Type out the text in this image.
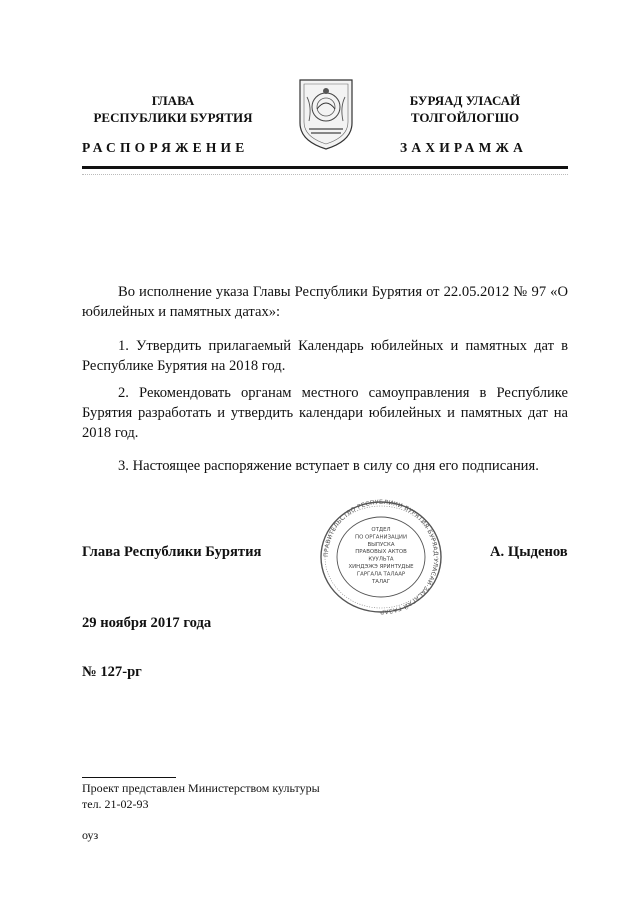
ГЛАВА
РЕСПУБЛИКИ БУРЯТИЯ
РАСПОРЯЖЕНИЕ
БУРЯАД УЛАСАЙ
ТОЛГОЙЛОГШО
ЗАХИРАМЖА
Во исполнение указа Главы Республики Бурятия от 22.05.2012 № 97 «О юбилейных и памятных датах»:
1. Утвердить прилагаемый Календарь юбилейных и памятных дат в Республике Бурятия на 2018 год.
2. Рекомендовать органам местного самоуправления в Республике Бурятия разработать и утвердить календари юбилейных и памятных дат на 2018 год.
3. Настоящее распоряжение вступает в силу со дня его подписания.
Глава Республики Бурятия	А. Цыденов
ПРАВИТЕЛЬСТВО РЕСПУБЛИКИ БУРЯТИЯ БУРЯАД УЛАСАЙ ЗАСАГАЙ ГАЗАР
ОТДЕЛ
ПО ОРГАНИЗАЦИИ
ВЫПУСКА
ПРАВОВЫХ АКТОВ
КУУЛЬТА
ХИНДЭЖЭ ЯРИНТУДЫЕ
ГАРГАЛА ТАЛААР
ТАЛАГ
29 ноября 2017 года
№ 127-рг
Проект представлен Министерством культуры
тел. 21-02-93
оуз
